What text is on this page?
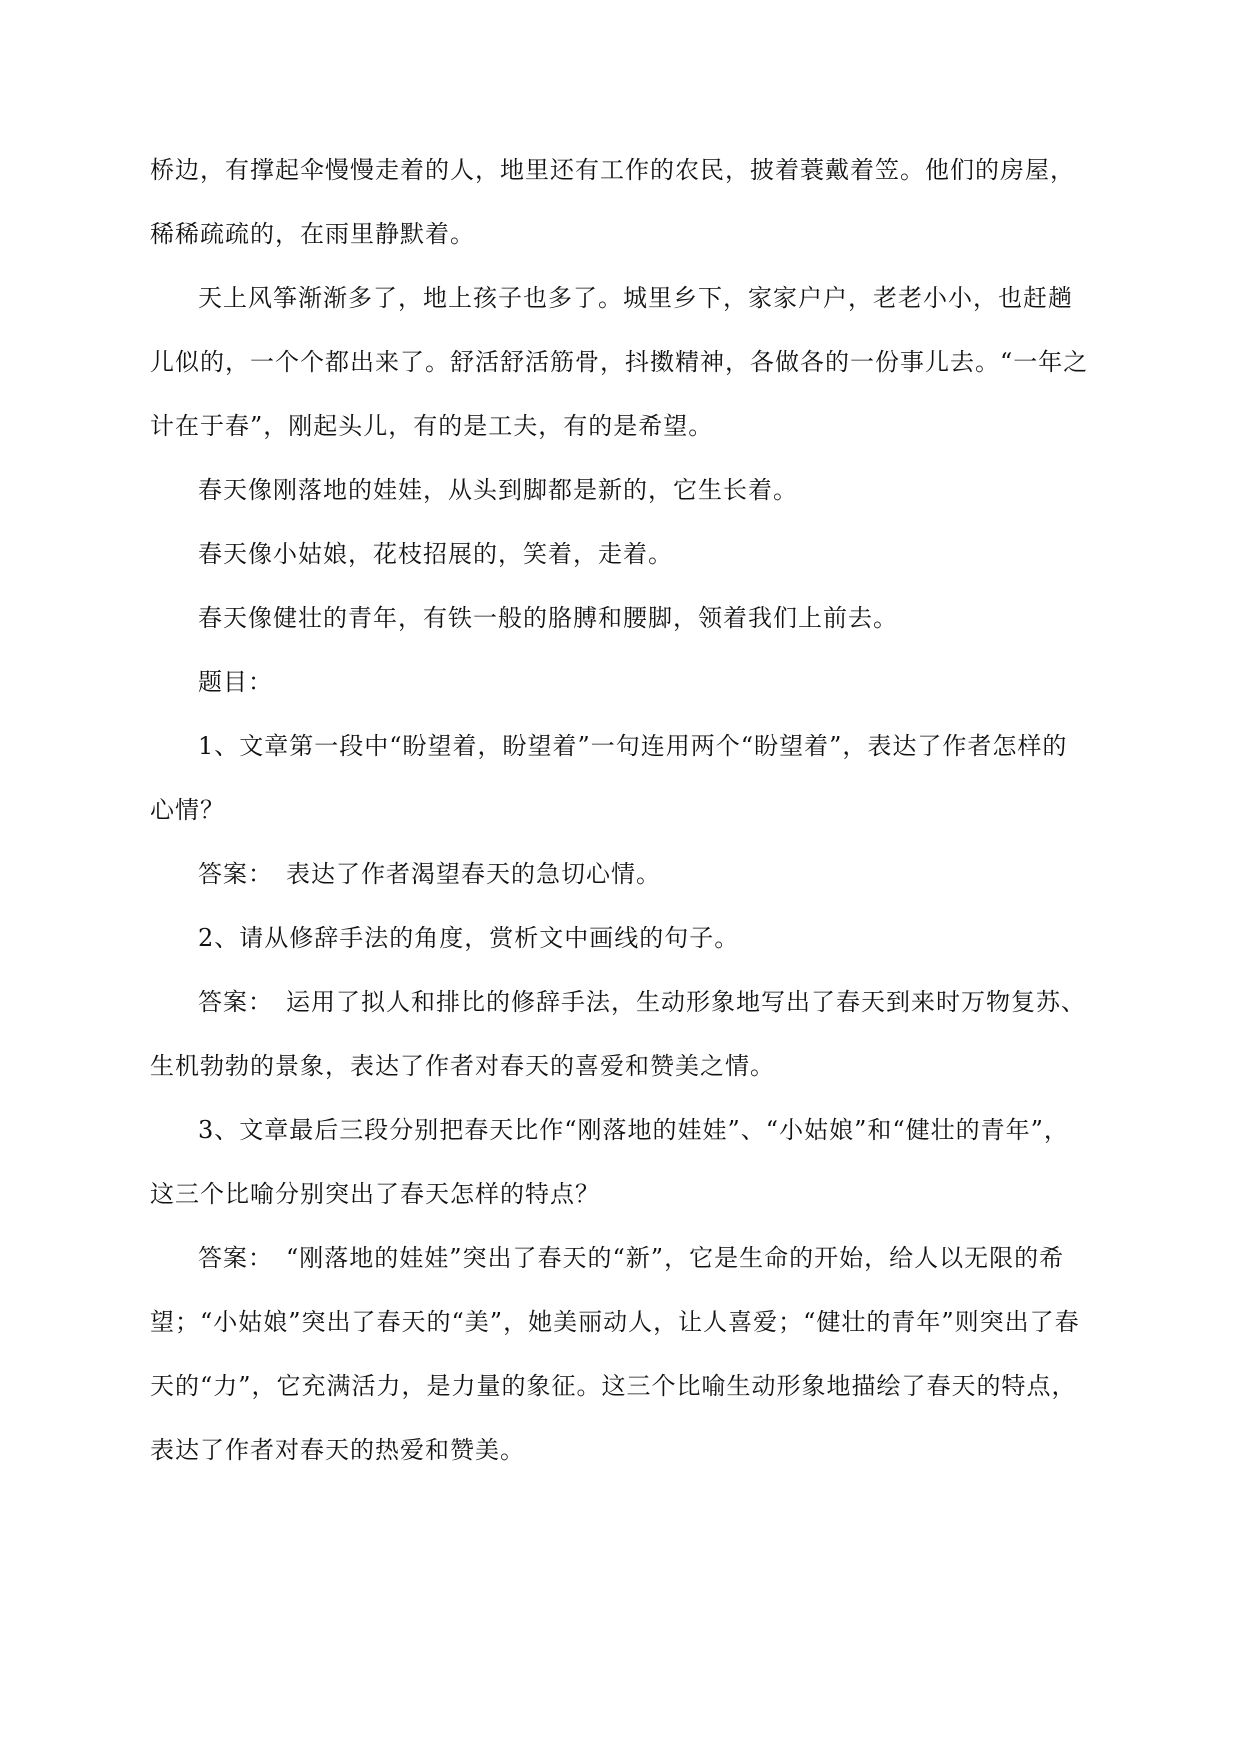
桥边，有撑起伞慢慢走着的人，地里还有工作的农民，披着蓑戴着笠。他们的房屋，稀稀疏疏的，在雨里静默着。

天上风筝渐渐多了，地上孩子也多了。城里乡下，家家户户，老老小小，也赶趟儿似的，一个个都出来了。舒活舒活筋骨，抖擞精神，各做各的一份事儿去。“一年之计在于春”，刚起头儿，有的是工夫，有的是希望。

春天像刚落地的娃娃，从头到脚都是新的，它生长着。

春天像小姑娘，花枝招展的，笑着，走着。

春天像健壮的青年，有铁一般的胳膊和腰脚，领着我们上前去。

题目：

1、文章第一段中“盼望着，盼望着”一句连用两个“盼望着”，表达了作者怎样的心情？

答案：　表达了作者渴望春天的急切心情。

2、请从修辞手法的角度，赏析文中画线的句子。

答案：　运用了拟人和排比的修辞手法，生动形象地写出了春天到来时万物复苏、生机勃勃的景象，表达了作者对春天的喜爱和赞美之情。

3、文章最后三段分别把春天比作“刚落地的娃娃”、“小姑娘”和“健壮的青年”，这三个比喻分别突出了春天怎样的特点？

答案：　“刚落地的娃娃”突出了春天的“新”，它是生命的开始，给人以无限的希望；“小姑娘”突出了春天的“美”，她美丽动人，让人喜爱；“健壮的青年”则突出了春天的“力”，它充满活力，是力量的象征。这三个比喻生动形象地描绘了春天的特点，表达了作者对春天的热爱和赞美。
